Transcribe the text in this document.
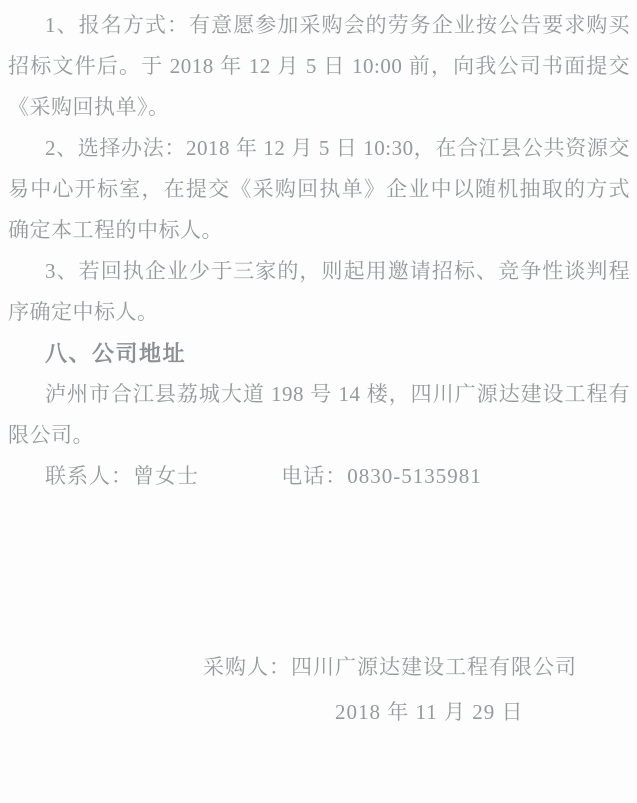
1、报名方式：有意愿参加采购会的劳务企业按公告要求购买招标文件后。于 2018 年 12 月 5 日 10:00 前，向我公司书面提交《采购回执单》。

2、选择办法：2018 年 12 月 5 日 10:30，在合江县公共资源交易中心开标室，在提交《采购回执单》企业中以随机抽取的方式确定本工程的中标人。

3、若回执企业少于三家的，则起用邀请招标、竞争性谈判程序确定中标人。

八、公司地址

泸州市合江县荔城大道 198 号 14 楼，四川广源达建设工程有限公司。

联系人：曾女士	电话：0830-5135981

采购人：四川广源达建设工程有限公司

2018 年 11 月 29 日
